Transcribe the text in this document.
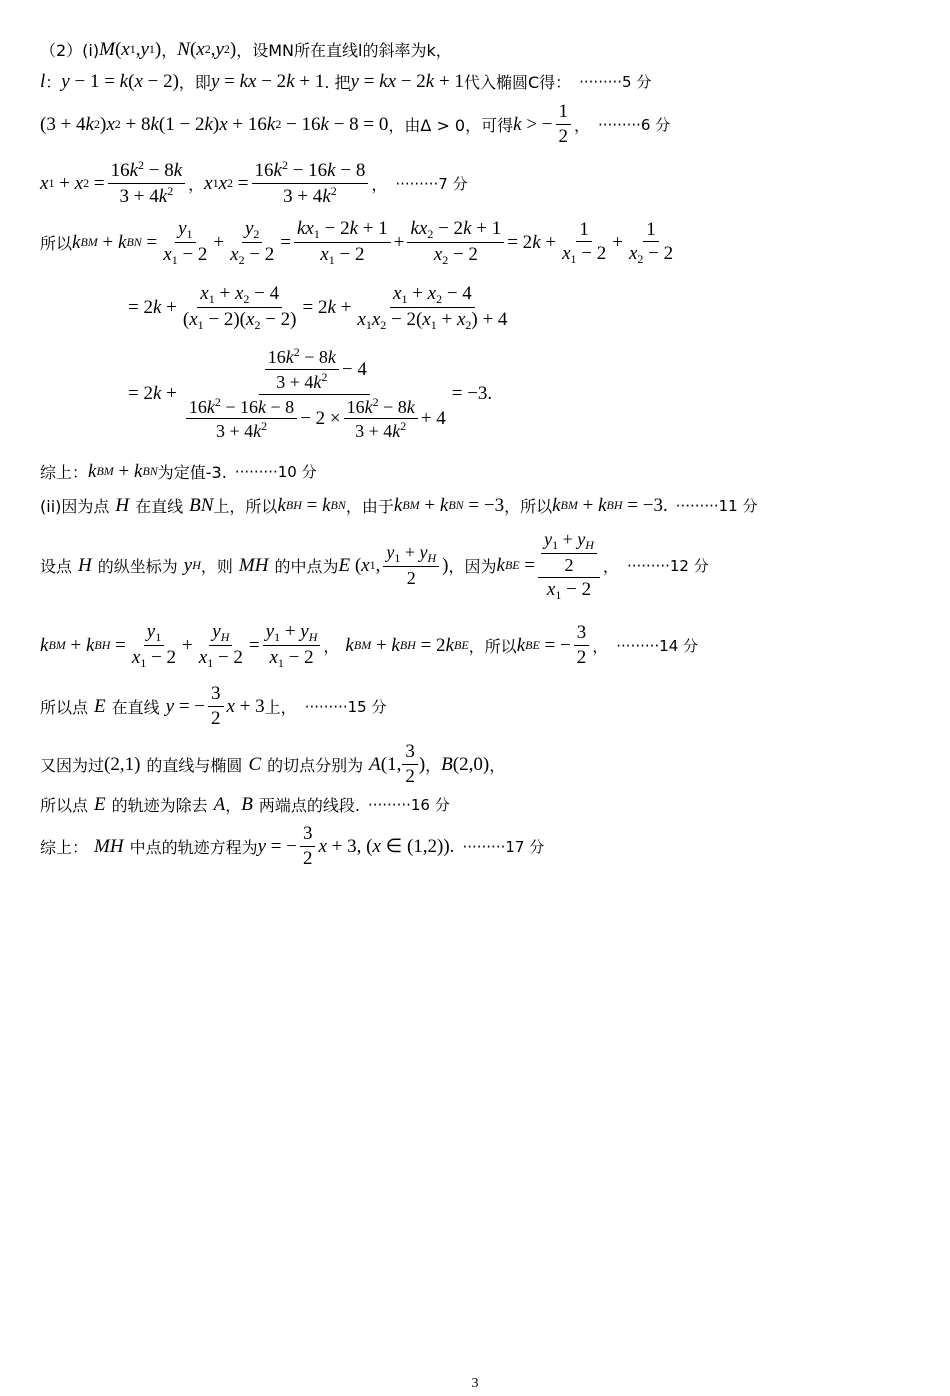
（2）(i) M ( x 1 , y 1 ) ， N ( x 2 , y 2 ) ，设MN所在直线l的斜率为k，
l ： y − 1 = k ( x − 2) ，即 y = kx − 2 k + 1 . 把 y = kx − 2 k + 1 代入椭圆C得： ·········5 分
(3 + 4 k 2 ) x 2 + 8 k (1 − 2 k ) x + 16 k 2 − 16 k − 8 = 0 ，由Δ > 0，可得 k > − $\frac{1}{2}$ ， ·········6 分
x 1 + x $2 = \frac{16k^2 - 8k}{3 + 4k^2}$ ， x 1 x $2 = \frac{16k^2 - 16k - 8}{3 + 4k^2}$ ， ·········7 分
所以 k BM + k BN = $\frac{y_1}{x_1 - 2} + \frac{y_2}{x_2 - 2} = \frac{kx_1 - 2k + 1}{x_1 - 2} + \frac{kx_2 - 2k + 1}{x_2 - 2} = 2$ $k + \frac{1}{x_1 - 2} + \frac{1}{x_2 - 2}$
= 2 $k + \frac{x_1 + x_2 - 4}{(x_1 - 2)(x_2 - 2)} = 2$ $k + \frac{x_1 + x_2 - 4}{x_1x_2 - 2(x_1 + x_2) + 4}$
= 2 $k + \frac{\frac{16k^2 - 8k}{3 + 4k^2} - 4}{\frac{16k^2 - 16k - 8}{3 + 4k^2} - 2 \times \frac{16k^2 - 8k}{3 + 4k^2} + 4} = -3$.
综上： k BM + k BN 为定值-3. ·········10 分
(ii)因为点 H 在直线 BN 上，所以 k BH = k BN ，由于 k BM + k BN = −3 ，所以 k BM + k BH = −3. ·········11 分
设点 H 的纵坐标为 y H ，则 MH 的中点为 E ( x 1 , $\frac{y_1 + y_H}{2}$ ) ，因为 k BE = $\frac{\frac{y_1 + y_H}{2}}{x_1 - 2}$ ， ·········12 分
k BM + k BH = $\frac{y_1}{x_1 - 2} + \frac{y_H}{x_1 - 2} = \frac{y_1 + y_H}{x_1 - 2}$ ， k BM + k BH = 2 k BE ，所以 k BE = − $\frac{3}{2}$ ， ·········14 分
所以点 E 在直线 y = − $\frac{3}{2}$ x + 3 上， ·········15 分
又因为过 (2,1) 的直线与椭圆 C 的切点分别为 A (1, $\frac{3}{2}$ ) ， B (2,0) ，
所以点 E 的轨迹为除去 A ， B 两端点的线段. ·········16 分
综上： MH 中点的轨迹方程为 y = − $\frac{3}{2}$ x + 3, ( x ∈ (1,2)). ·········17 分
3
